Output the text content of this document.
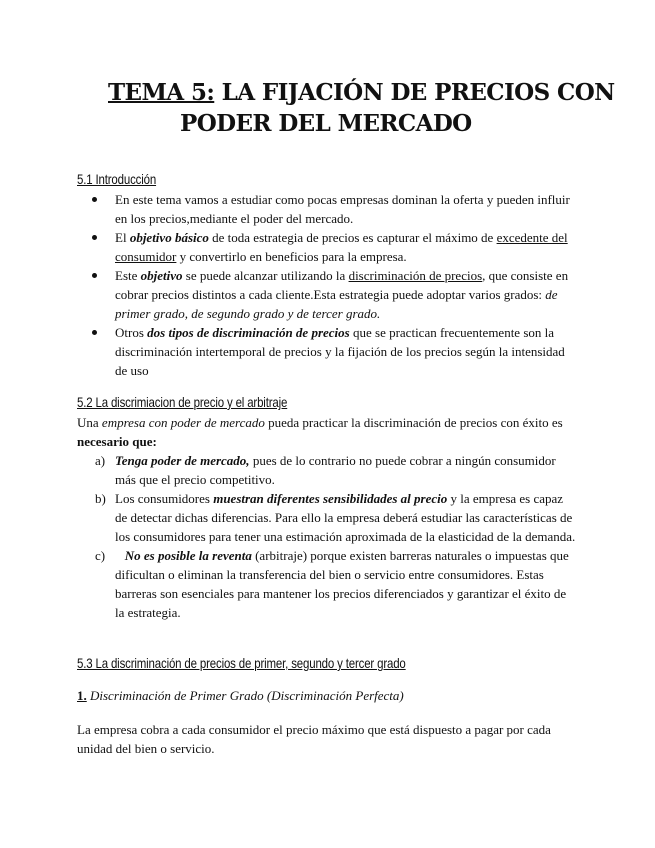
TEMA 5: LA FIJACIÓN DE PRECIOS CON
PODER DEL MERCADO
5.1 Introducción
En este tema vamos a estudiar como pocas empresas dominan la oferta y pueden influir en los precios,mediante el poder del mercado.
El objetivo básico de toda estrategia de precios es capturar el máximo de excedente del consumidor y convertirlo en beneficios para la empresa.
Este objetivo se puede alcanzar utilizando la discriminación de precios, que consiste en cobrar precios distintos a cada cliente.Esta estrategia puede adoptar varios grados: de primer grado, de segundo grado y de tercer grado.
Otros dos tipos de discriminación de precios que se practican frecuentemente son la discriminación intertemporal de precios y la fijación de los precios según la intensidad de uso
5.2 La discrimiacion de precio y el arbitraje

Una empresa con poder de mercado pueda practicar la discriminación de precios con éxito es necesario que:

a) Tenga poder de mercado, pues de lo contrario no puede cobrar a ningún consumidor más que el precio competitivo.
b) Los consumidores muestran diferentes sensibilidades al precio y la empresa es capaz de detectar dichas diferencias. Para ello la empresa deberá estudiar las características de los consumidores para tener una estimación aproximada de la elasticidad de la demanda.
c) No es posible la reventa (arbitraje) porque existen barreras naturales o impuestas que dificultan o eliminan la transferencia del bien o servicio entre consumidores. Estas barreras son esenciales para mantener los precios diferenciados y garantizar el éxito de la estrategia.
5.3 La discriminación de precios de primer, segundo y tercer grado
1. Discriminación de Primer Grado (Discriminación Perfecta)
La empresa cobra a cada consumidor el precio máximo que está dispuesto a pagar por cada unidad del bien o servicio.
